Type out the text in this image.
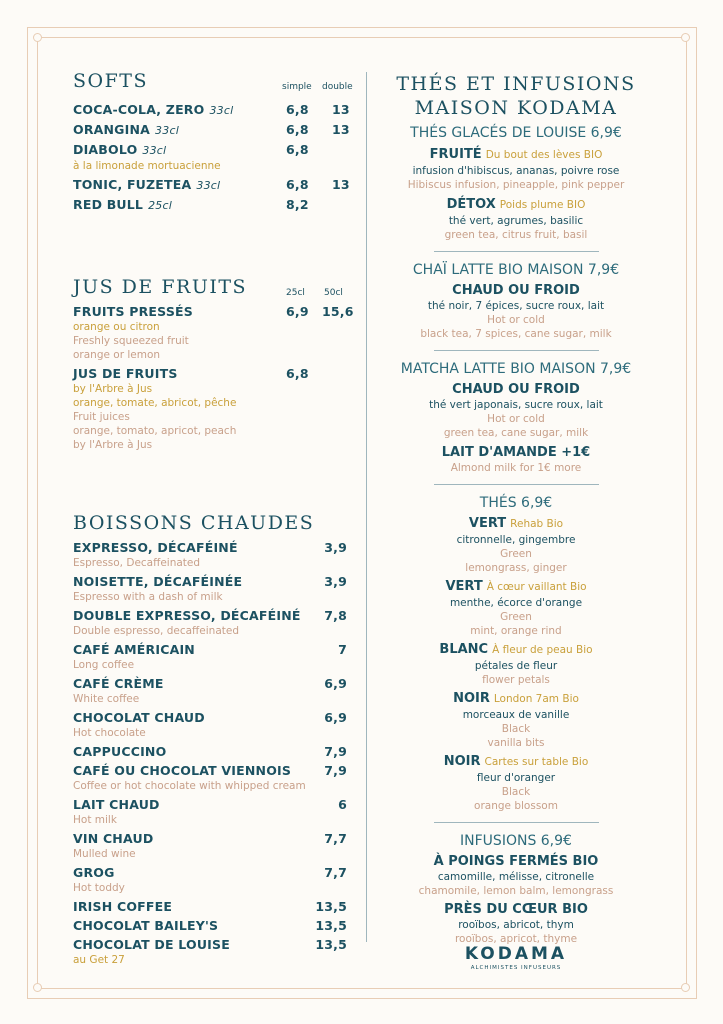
SOFTS	simple double
COCA-COLA, ZERO 33cl	6,8 13
ORANGINA 33cl	6,8 13
DIABOLO 33cl	6,8
à la limonade mortuacienne
TONIC, FUZETEA 33cl	6,8 13
RED BULL 25cl	8,2
JUS DE FRUITS	25cl 50cl
FRUITS PRESSÉS	6,9 15,6
orange ou citron
Freshly squeezed fruit
orange or lemon
JUS DE FRUITS	6,8
by l'Arbre à Jus
orange, tomate, abricot, pêche
Fruit juices
orange, tomato, apricot, peach
by l'Arbre à Jus
BOISSONS CHAUDES
EXPRESSO, DÉCAFÉINÉ	3,9
Espresso, Decaffeinated
NOISETTE, DÉCAFÉINÉE	3,9
Espresso with a dash of milk
DOUBLE EXPRESSO, DÉCAFÉINÉ 7,8
Double espresso, decaffeinated
CAFÉ AMÉRICAIN	7
Long coffee
CAFÉ CRÈME	6,9
White coffee
CHOCOLAT CHAUD	6,9
Hot chocolate
CAPPUCCINO	7,9
CAFÉ OU CHOCOLAT VIENNOIS	7,9
Coffee or hot chocolate with whipped cream
LAIT CHAUD	6
Hot milk
VIN CHAUD	7,7
Mulled wine
GROG	7,7
Hot toddy
IRISH COFFEE	13,5
CHOCOLAT BAILEY'S	13,5
CHOCOLAT DE LOUISE	13,5
au Get 27
THÉS ET INFUSIONS
MAISON KODAMA
THÉS GLACÉS DE LOUISE 6,9€
FRUITÉ Du bout des lèves BIO
infusion d'hibiscus, ananas, poivre rose
Hibiscus infusion, pineapple, pink pepper
DÉTOX Poids plume BIO
thé vert, agrumes, basilic
green tea, citrus fruit, basil
CHAÏ LATTE BIO MAISON 7,9€
CHAUD OU FROID
thé noir, 7 épices, sucre roux, lait
Hot or cold
black tea, 7 spices, cane sugar, milk
MATCHA LATTE BIO MAISON 7,9€
CHAUD OU FROID
thé vert japonais, sucre roux, lait
Hot or cold
green tea, cane sugar, milk
LAIT D'AMANDE +1€
Almond milk for 1€ more
THÉS 6,9€
VERT Rehab Bio
citronnelle, gingembre
Green
lemongrass, ginger
VERT À cœur vaillant Bio
menthe, écorce d'orange
Green
mint, orange rind
BLANC À fleur de peau Bio
pétales de fleur
flower petals
NOIR London 7am Bio
morceaux de vanille
Black
vanilla bits
NOIR Cartes sur table Bio
fleur d'oranger
Black
orange blossom
INFUSIONS 6,9€
À POINGS FERMÉS BIO
camomille, mélisse, citronelle
chamomile, lemon balm, lemongrass
PRÈS DU CŒUR BIO
rooïbos, abricot, thym
rooïbos, apricot, thyme
KODAMA
ALCHIMISTES INFUSEURS
